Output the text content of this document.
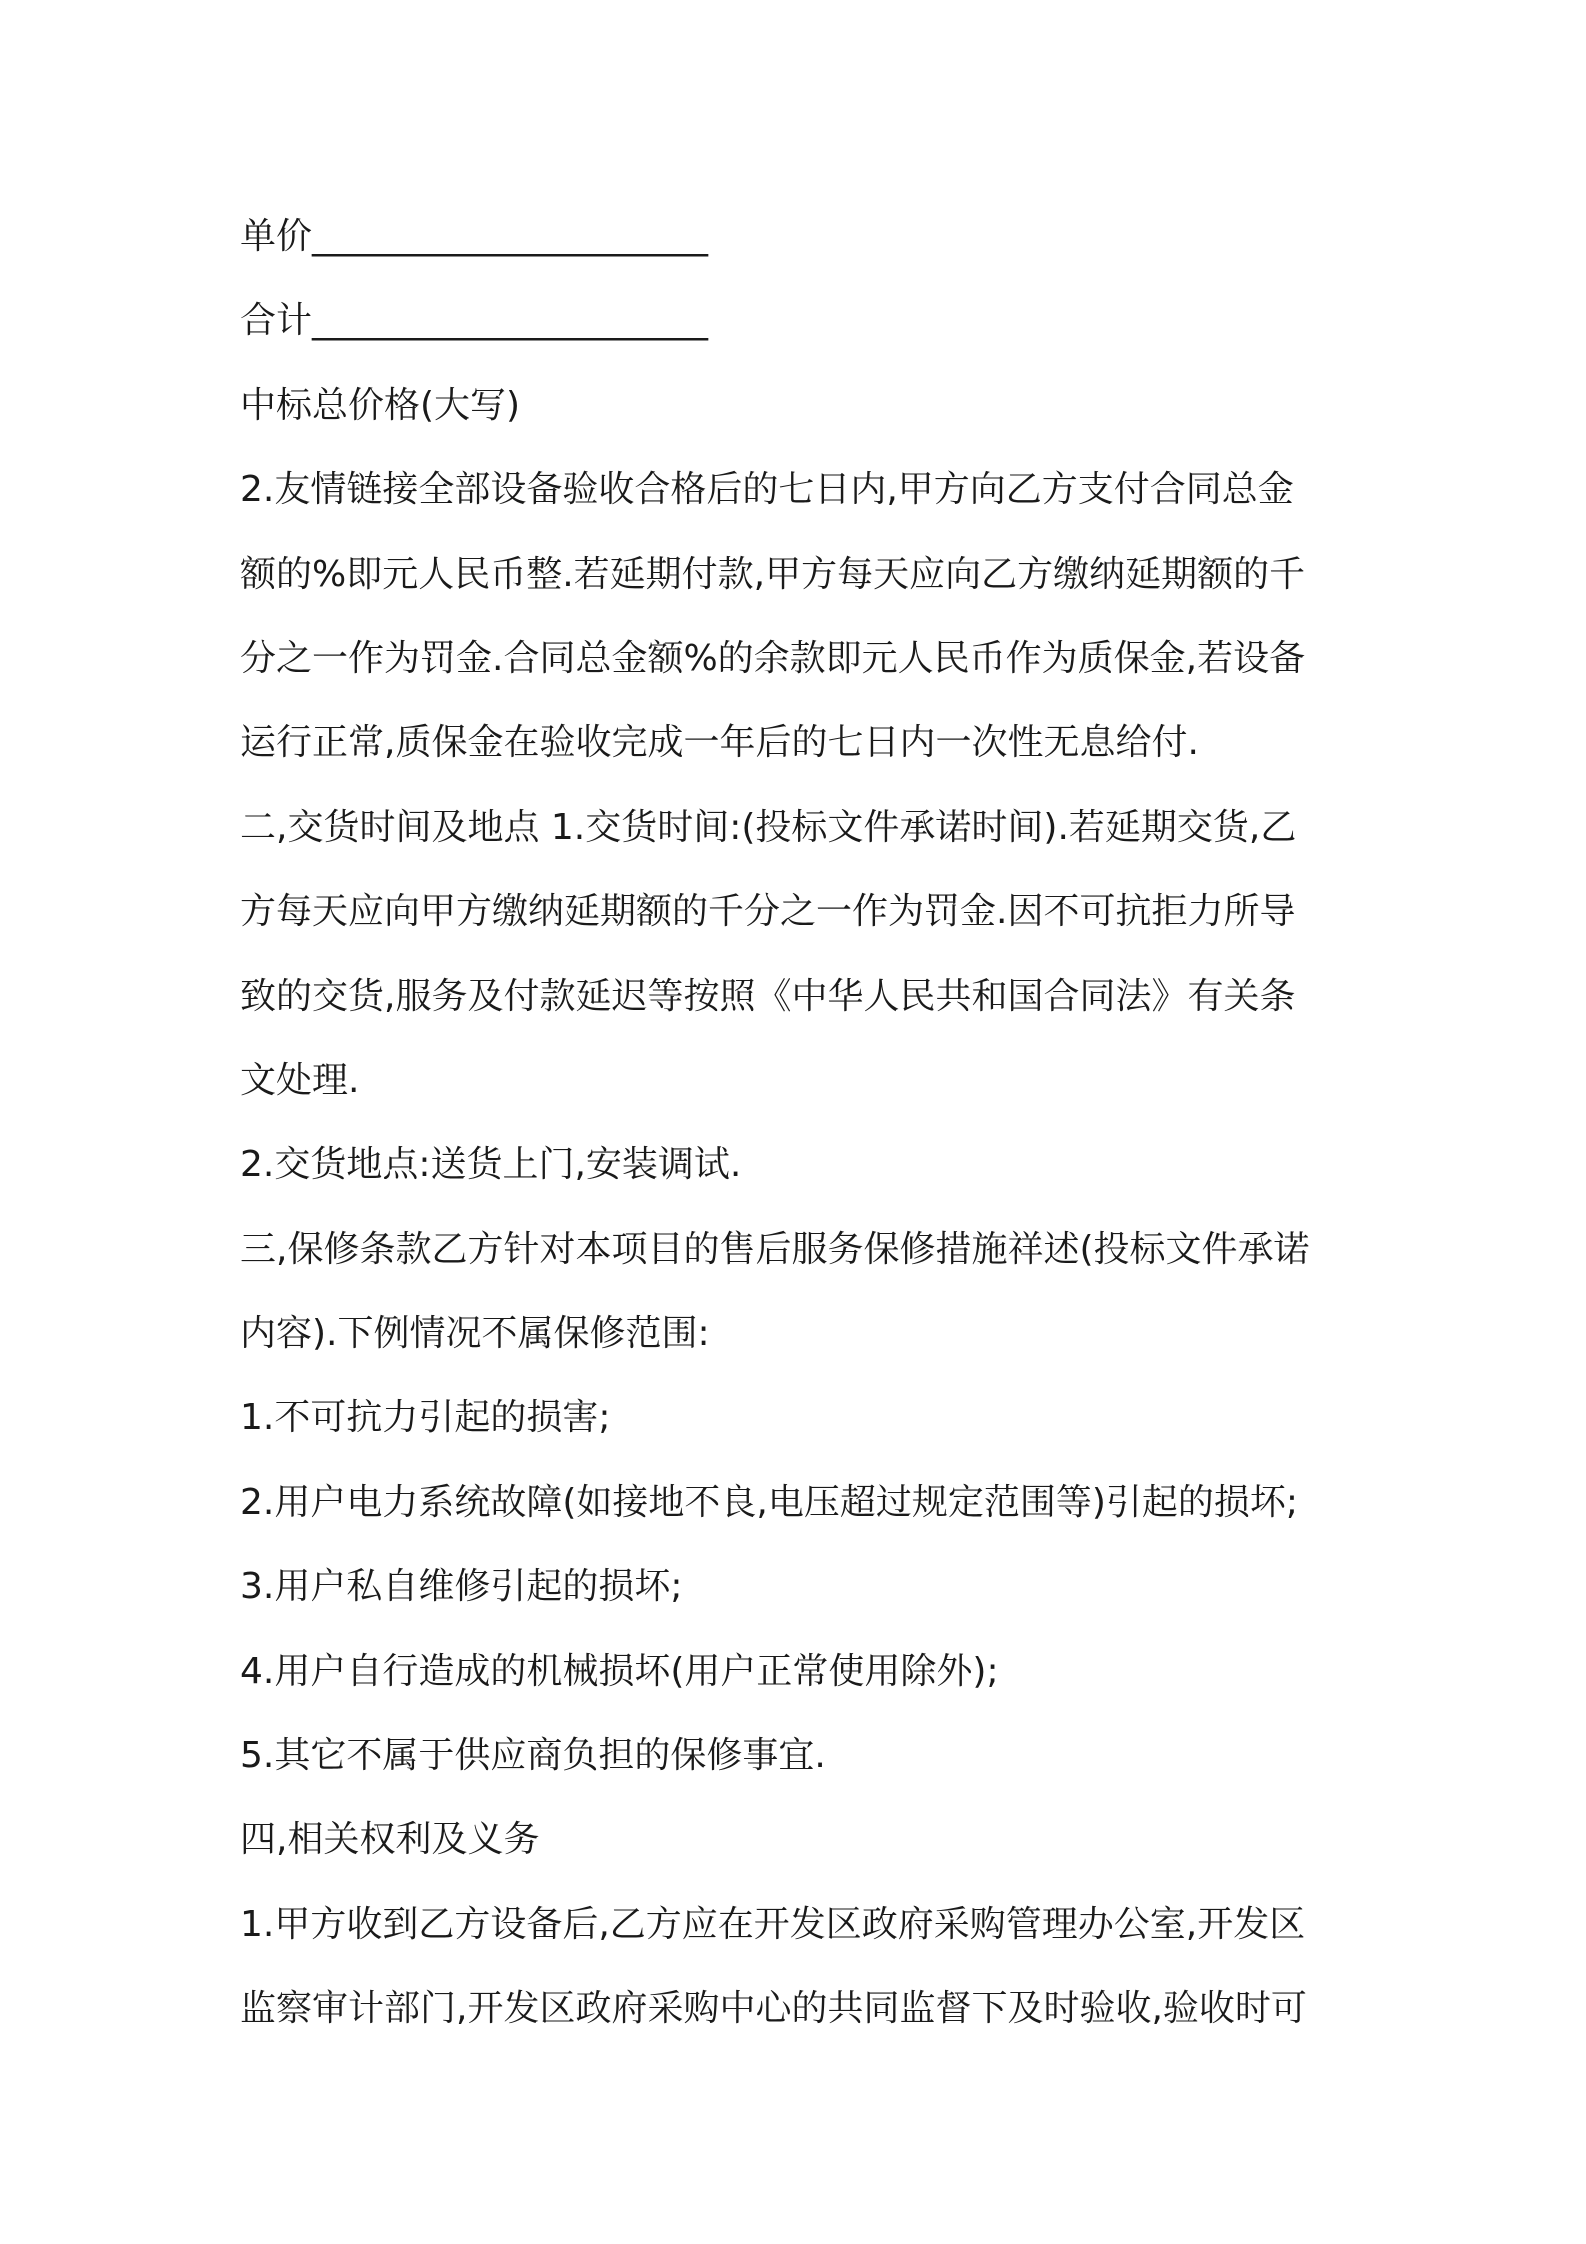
单价______________________
合计______________________
中标总价格(大写)
2.友情链接全部设备验收合格后的七日内,甲方向乙方支付合同总金
额的%即元人民币整.若延期付款,甲方每天应向乙方缴纳延期额的千
分之一作为罚金.合同总金额%的余款即元人民币作为质保金,若设备
运行正常,质保金在验收完成一年后的七日内一次性无息给付.
二,交货时间及地点 1.交货时间:(投标文件承诺时间).若延期交货,乙
方每天应向甲方缴纳延期额的千分之一作为罚金.因不可抗拒力所导
致的交货,服务及付款延迟等按照《中华人民共和国合同法》有关条
文处理.
2.交货地点:送货上门,安装调试.
三,保修条款乙方针对本项目的售后服务保修措施祥述(投标文件承诺
内容).下例情况不属保修范围:
1.不可抗力引起的损害;
2.用户电力系统故障(如接地不良,电压超过规定范围等)引起的损坏;
3.用户私自维修引起的损坏;
4.用户自行造成的机械损坏(用户正常使用除外);
5.其它不属于供应商负担的保修事宜.
四,相关权利及义务
1.甲方收到乙方设备后,乙方应在开发区政府采购管理办公室,开发区
监察审计部门,开发区政府采购中心的共同监督下及时验收,验收时可
